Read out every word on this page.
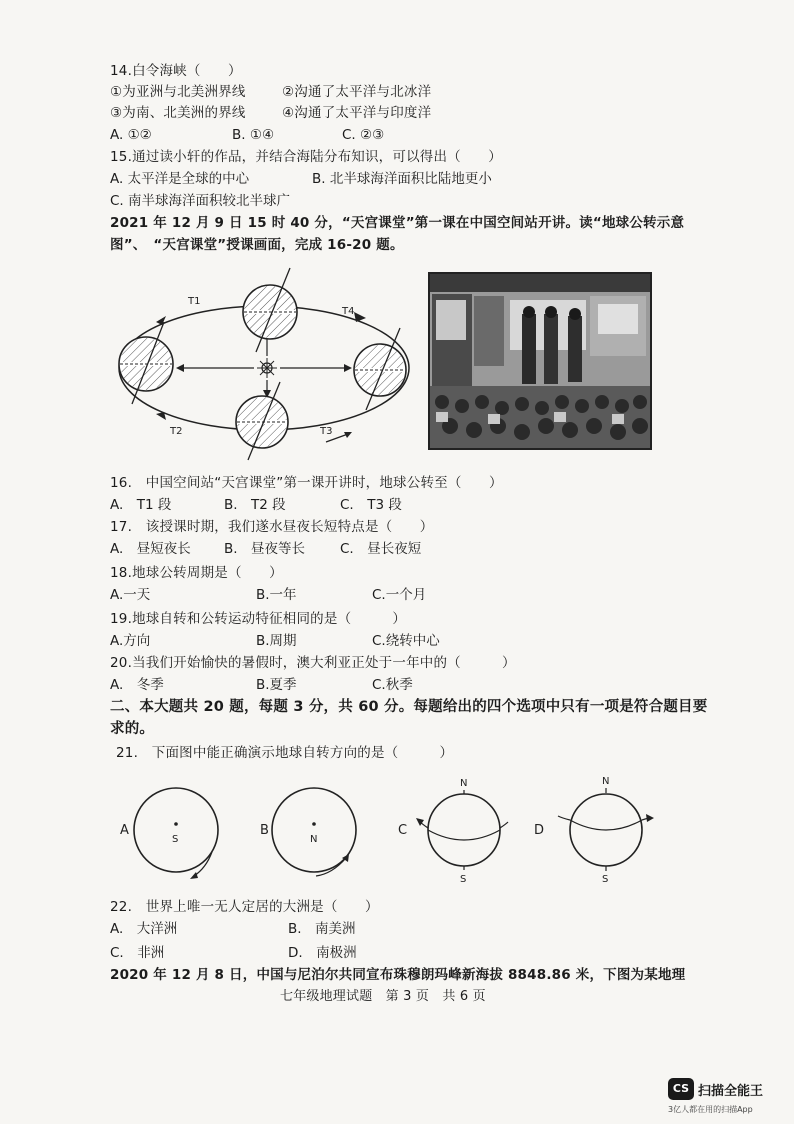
14.白令海峡（　　）
①为亚洲与北美洲界线	②沟通了太平洋与北冰洋
③为南、北美洲的界线	④沟通了太平洋与印度洋
A. ①②	B. ①④	C. ②③
15.通过读小轩的作品，并结合海陆分布知识，可以得出（　　）
A. 太平洋是全球的中心	B. 北半球海洋面积比陆地更小
C. 南半球海洋面积较北半球广
2021 年 12 月 9 日 15 时 40 分，“天宫课堂”第一课在中国空间站开讲。读“地球公转示意
图”、　“天宫课堂”授课画面，完成 16-20 题。
T1
T4
T2	T3
16.　中国空间站“天宫课堂”第一课开讲时，地球公转至（　　）
A.　T1 段	B.　T2 段	C.　T3 段
17.　该授课时期，我们遂水昼夜长短特点是（　　）
A.　昼短夜长 B.　昼夜等长	C.　昼长夜短
18.地球公转周期是（　　）
A.一天	B.一年	C.一个月
19.地球自转和公转运动特征相同的是（　　　）
A.方向	B.周期	C.绕转中心
20.当我们开始愉快的暑假时，澳大利亚正处于一年中的（　　　）
A.　冬季	B.夏季	C.秋季
二、本大题共 20 题，每题 3 分，共 60 分。每题给出的四个选项中只有一项是符合题目要
求的。
21.　下面图中能正确演示地球自转方向的是（　　　）
A
S
B
N
C
N
S
D
N
S
22.　世界上唯一无人定居的大洲是（　　）
A.　大洋洲	B.　南美洲
C.　非洲	D.　南极洲
2020 年 12 月 8 日，中国与尼泊尔共同宣布珠穆朗玛峰新海拔 8848.86 米，下图为某地理
七年级地理试题　第 3 页　共 6 页
CS 扫描全能王
3亿人都在用的扫描App
